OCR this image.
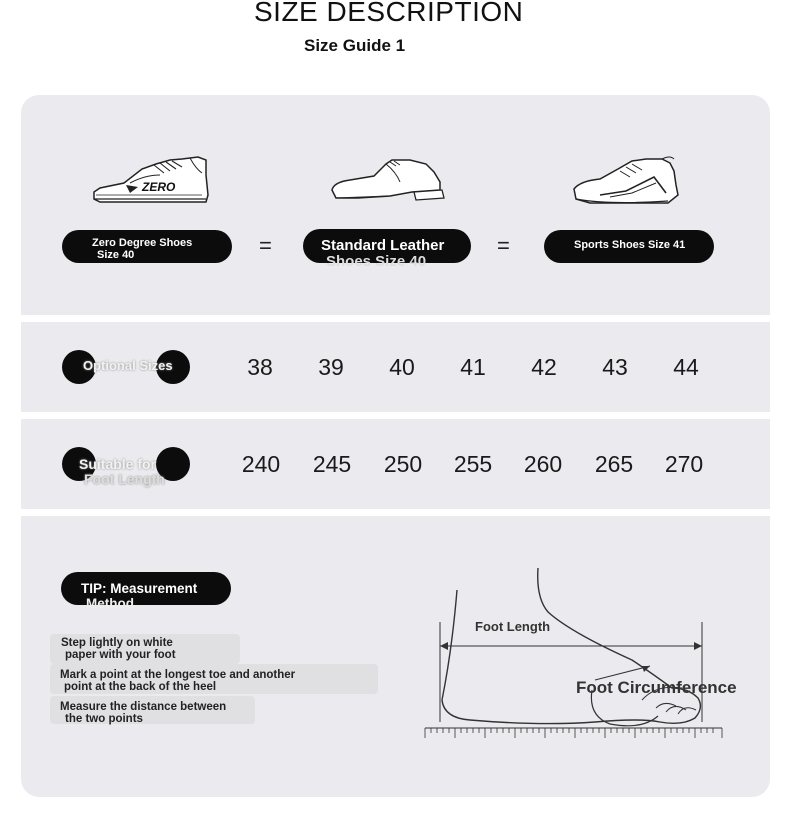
SIZE DESCRIPTION
Size Guide 1
ZERO
Zero Degree Shoes
Size 40	=	Standard Leather
Shoes Size 40
=	Sports Shoes Size 41
Optional Sizes	38	39	40	41	42	43	44
Suitable for
Foot Length
240	245	250	255	260	265	270
TIP: Measurement
Method
Step lightly on white
paper with your foot
Mark a point at the longest toe and another
point at the back of the heel
Measure the distance between
the two points
Foot Length
Foot Circumference
